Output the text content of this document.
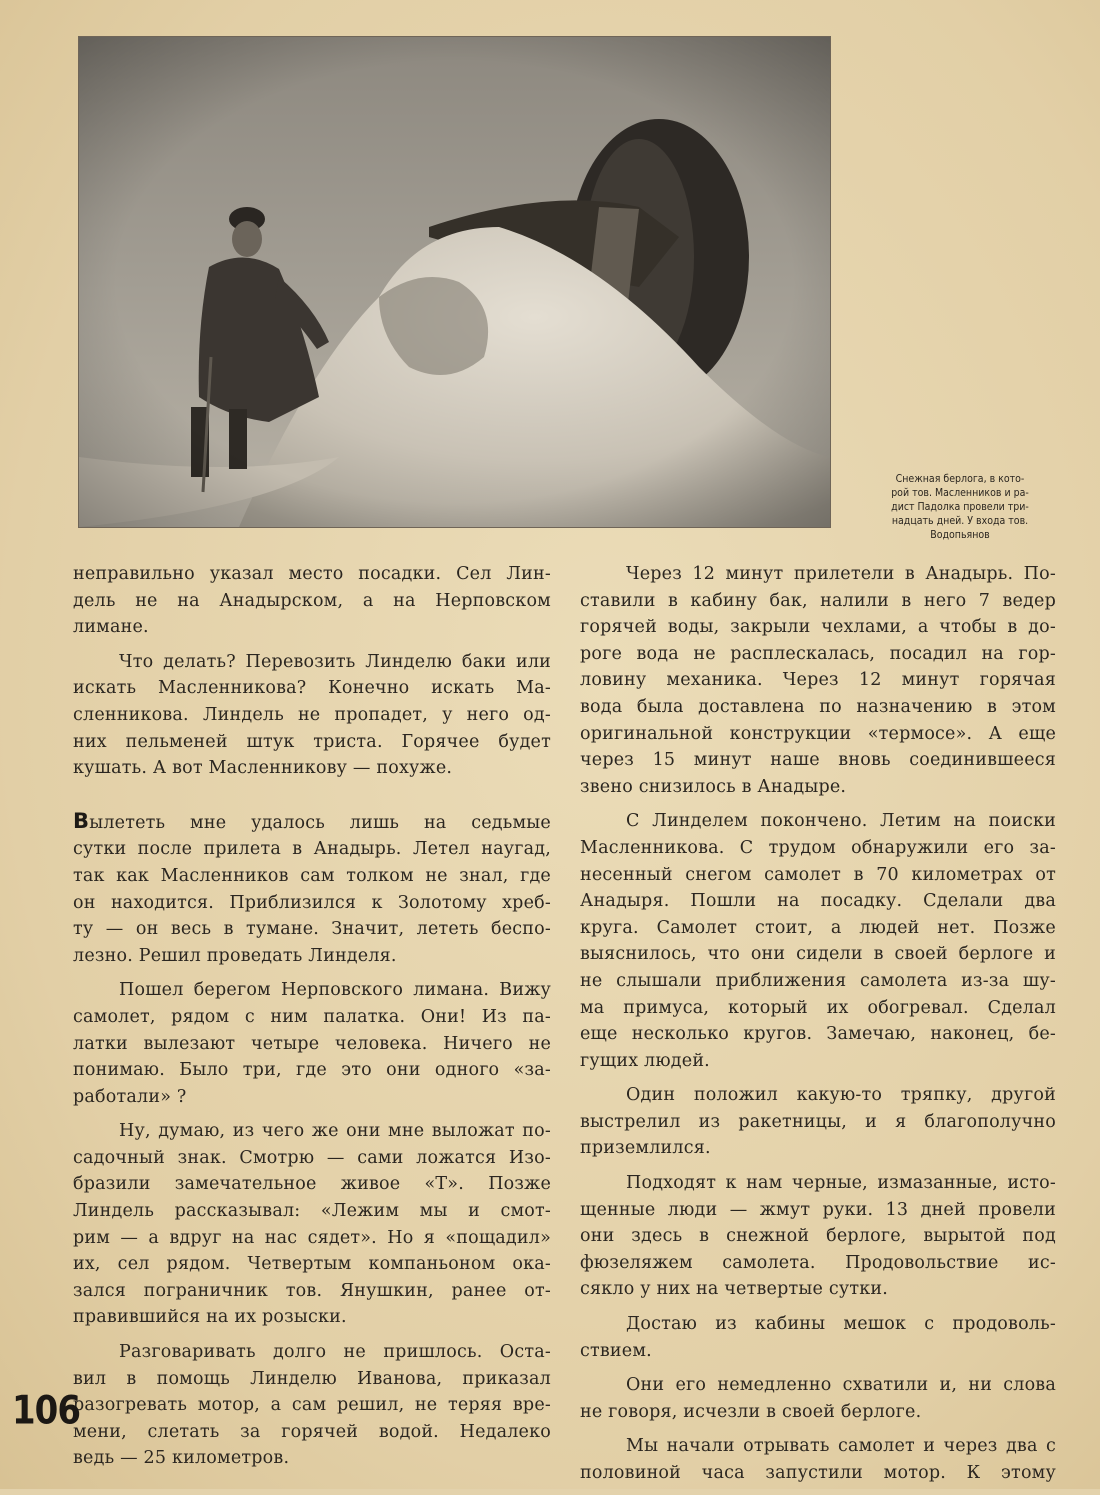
Снежная берлога, в кото-
рой тов. Масленников и ра-
дист Падолка провели три-
надцать дней. У входа тов.
Водопьянов

неправильно указал место посадки. Сел Лин-
дель не на Анадырском, а на Нерповском
лимане.

Что делать? Перевозить Линделю баки или
искать Масленникова? Конечно искать Ма-
сленникова. Линдель не пропадет, у него од-
них пельменей штук триста. Горячее будет
кушать. А вот Масленникову — похуже.

Вылететь мне удалось лишь на седьмые
сутки после прилета в Анадырь. Летел наугад,
так как Масленников сам толком не знал, где
он находится. Приблизился к Золотому хреб-
ту — он весь в тумане. Значит, лететь беспо-
лезно. Решил проведать Линделя.

Пошел берегом Нерповского лимана. Вижу
самолет, рядом с ним палатка. Они! Из па-
латки вылезают четыре человека. Ничего не
понимаю. Было три, где это они одного «за-
работали» ?

Ну, думаю, из чего же они мне выложат по-
садочный знак. Смотрю — сами ложатся Изо-
бразили замечательное живое «Т». Позже
Линдель рассказывал: «Лежим мы и смот-
рим — а вдруг на нас сядет». Но я «пощадил»
их, сел рядом. Четвертым компаньоном ока-
зался пограничник тов. Янушкин, ранее от-
правившийся на их розыски.

Разговаривать долго не пришлось. Оста-
вил в помощь Линделю Иванова, приказал
разогревать мотор, а сам решил, не теряя вре-
мени, слетать за горячей водой. Недалеко
ведь — 25 километров.

Через 12 минут прилетели в Анадырь. По-
ставили в кабину бак, налили в него 7 ведер
горячей воды, закрыли чехлами, а чтобы в до-
роге вода не расплескалась, посадил на гор-
ловину механика. Через 12 минут горячая
вода была доставлена по назначению в этом
оригинальной конструкции «термосе». А еще
через 15 минут наше вновь соединившееся
звено снизилось в Анадыре.

С Линделем покончено. Летим на поиски
Масленникова. С трудом обнаружили его за-
несенный снегом самолет в 70 километрах от
Анадыря. Пошли на посадку. Сделали два
круга. Самолет стоит, а людей нет. Позже
выяснилось, что они сидели в своей берлоге и
не слышали приближения самолета из-за шу-
ма примуса, который их обогревал. Сделал
еще несколько кругов. Замечаю, наконец, бе-
гущих людей.

Один положил какую-то тряпку, другой
выстрелил из ракетницы, и я благополучно
приземлился.

Подходят к нам черные, измазанные, исто-
щенные люди — жмут руки. 13 дней провели
они здесь в снежной берлоге, вырытой под
фюзеляжем самолета. Продовольствие ис-
сякло у них на четвертые сутки.

Достаю из кабины мешок с продоволь-
ствием.

Они его немедленно схватили и, ни слова
не говоря, исчезли в своей берлоге.

Мы начали отрывать самолет и через два с
половиной часа запустили мотор. К этому

106
